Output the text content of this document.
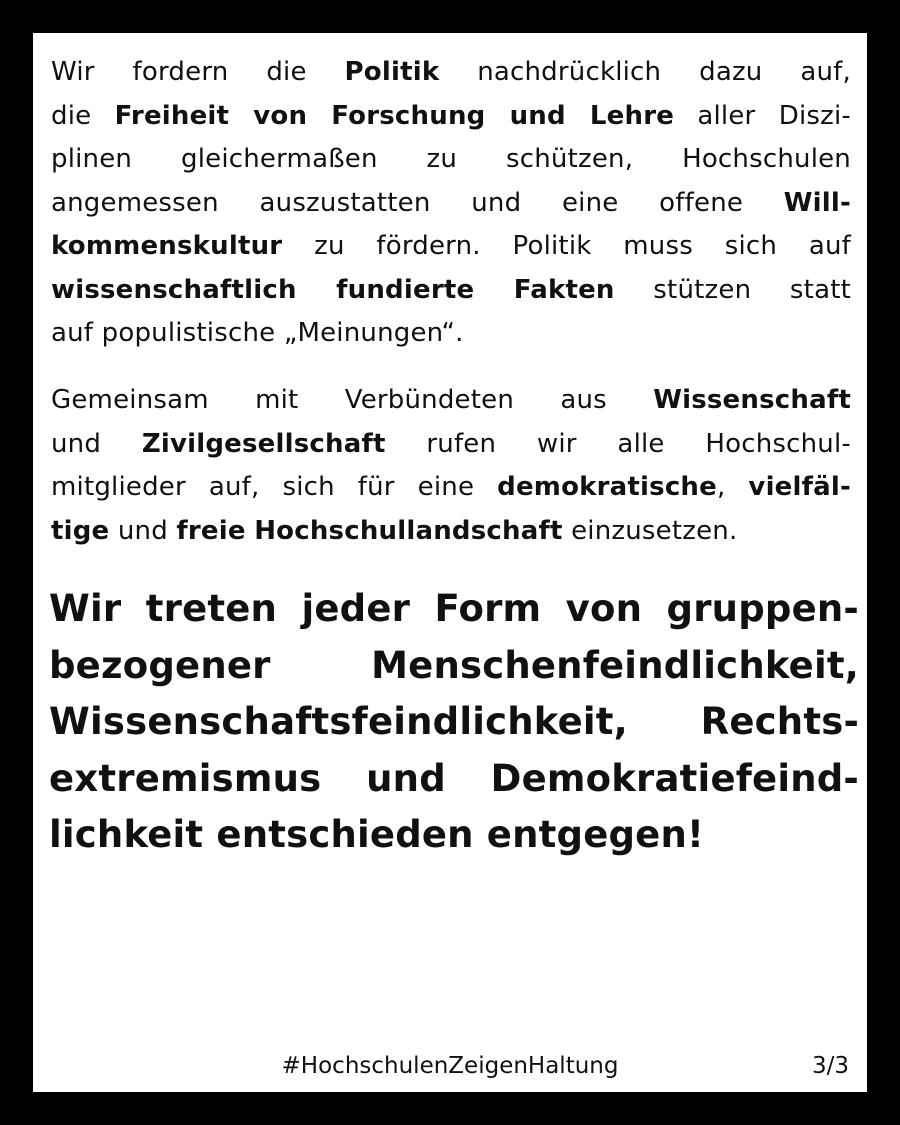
Wir fordern die Politik nachdrücklich dazu auf,
die Freiheit von Forschung und Lehre aller Diszi-
plinen gleichermaßen zu schützen, Hochschulen
angemessen auszustatten und eine offene Will-
kommenskultur zu fördern. Politik muss sich auf
wissenschaftlich fundierte Fakten stützen statt
auf populistische „Meinungen“.
Gemeinsam mit Verbündeten aus Wissenschaft
und Zivilgesellschaft rufen wir alle Hochschul-
mitglieder auf, sich für eine demokratische, vielfäl-
tige und freie Hochschullandschaft einzusetzen.
Wir treten jeder Form von gruppen-
bezogener Menschenfeindlichkeit,
Wissenschaftsfeindlichkeit, Rechts-
extremismus und Demokratiefeind-
lichkeit entschieden entgegen!
#HochschulenZeigenHaltung	3/3
